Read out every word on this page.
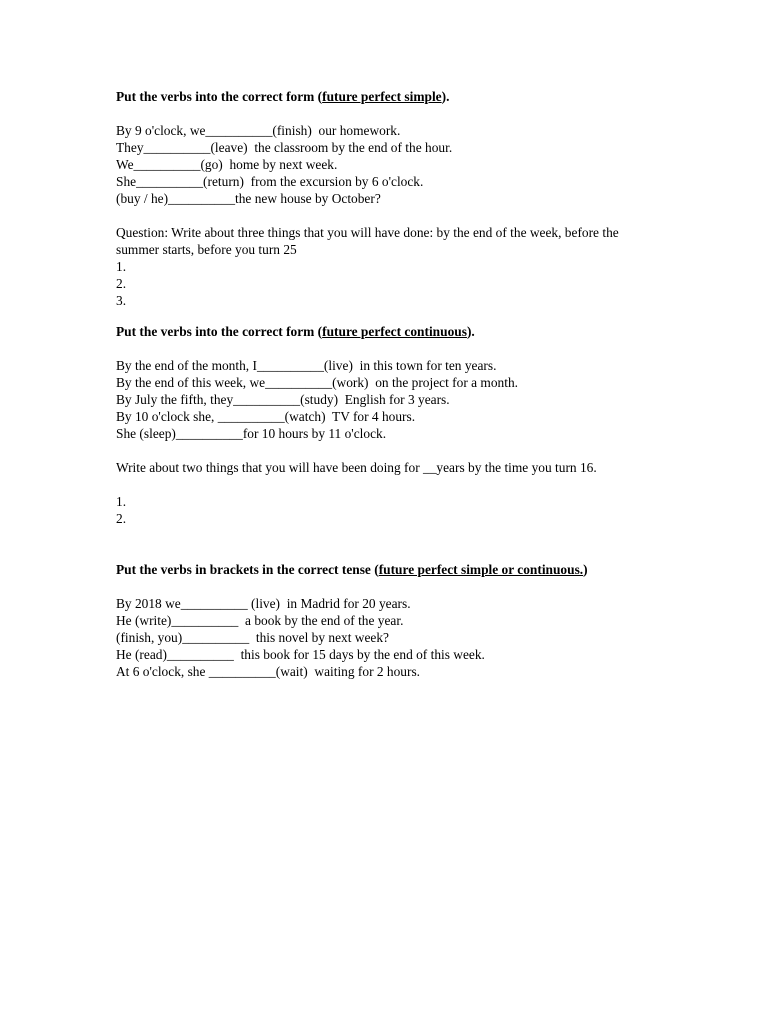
Put the verbs into the correct form (future perfect simple).

By 9 o'clock, we__________(finish)  our homework.

They__________(leave)  the classroom by the end of the hour.

We__________(go)  home by next week.

She__________(return)  from the excursion by 6 o'clock.

(buy / he)__________the new house by October?

Question: Write about three things that you will have done: by the end of the week, before the summer starts, before you turn 25

1.

2.

3.

Put the verbs into the correct form (future perfect continuous).

By the end of the month, I__________(live)  in this town for ten years.

By the end of this week, we__________(work)  on the project for a month.

By July the fifth, they__________(study)  English for 3 years.

By 10 o'clock she, __________(watch)  TV for 4 hours.

She (sleep)__________for 10 hours by 11 o'clock.

Write about two things that you will have been doing for __years by the time you turn 16.

1.

2.

Put the verbs in brackets in the correct tense (future perfect simple or continuous.)

By 2018 we__________ (live)  in Madrid for 20 years.

He (write)__________  a book by the end of the year.

(finish, you)__________  this novel by next week?

He (read)__________  this book for 15 days by the end of this week.

At 6 o'clock, she __________(wait)  waiting for 2 hours.
